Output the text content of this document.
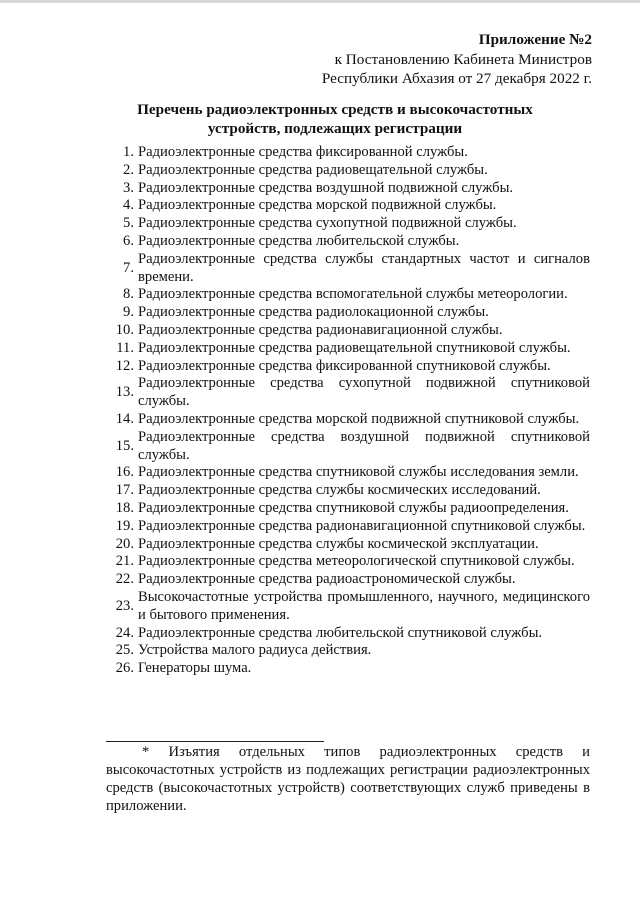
Приложение №2
к Постановлению Кабинета Министров
Республики Абхазия от 27 декабря 2022 г.
Перечень радиоэлектронных средств и высокочастотных
устройств, подлежащих регистрации
1. Радиоэлектронные средства фиксированной службы.
2. Радиоэлектронные средства радиовещательной службы.
3. Радиоэлектронные средства воздушной подвижной службы.
4. Радиоэлектронные средства морской подвижной службы.
5. Радиоэлектронные средства сухопутной подвижной службы.
6. Радиоэлектронные средства любительской службы.
7.
Радиоэлектронные средства службы стандартных частот и сигналов времени.
8. Радиоэлектронные средства вспомогательной службы метеорологии.
9. Радиоэлектронные средства радиолокационной службы.
10. Радиоэлектронные средства радионавигационной службы.
11. Радиоэлектронные средства радиовещательной спутниковой службы.
12. Радиоэлектронные средства фиксированной спутниковой службы.
13.
Радиоэлектронные средства сухопутной подвижной спутниковой службы.
14. Радиоэлектронные средства морской подвижной спутниковой службы.
15.
Радиоэлектронные средства воздушной подвижной спутниковой службы.
16. Радиоэлектронные средства спутниковой службы исследования земли.
17. Радиоэлектронные средства службы космических исследований.
18. Радиоэлектронные средства спутниковой службы радиоопределения.
19. Радиоэлектронные средства радионавигационной спутниковой службы.
20. Радиоэлектронные средства службы космической эксплуатации.
21. Радиоэлектронные средства метеорологической спутниковой службы.
22. Радиоэлектронные средства радиоастрономической службы.
23.
Высокочастотные устройства промышленного, научного, медицинского и бытового применения.
24. Радиоэлектронные средства любительской спутниковой службы.
25. Устройства малого радиуса действия.
26. Генераторы шума.
* Изъятия отдельных типов радиоэлектронных средств и высокочастотных устройств из подлежащих регистрации радиоэлектронных средств (высокочастотных устройств) соответствующих служб приведены в приложении.
